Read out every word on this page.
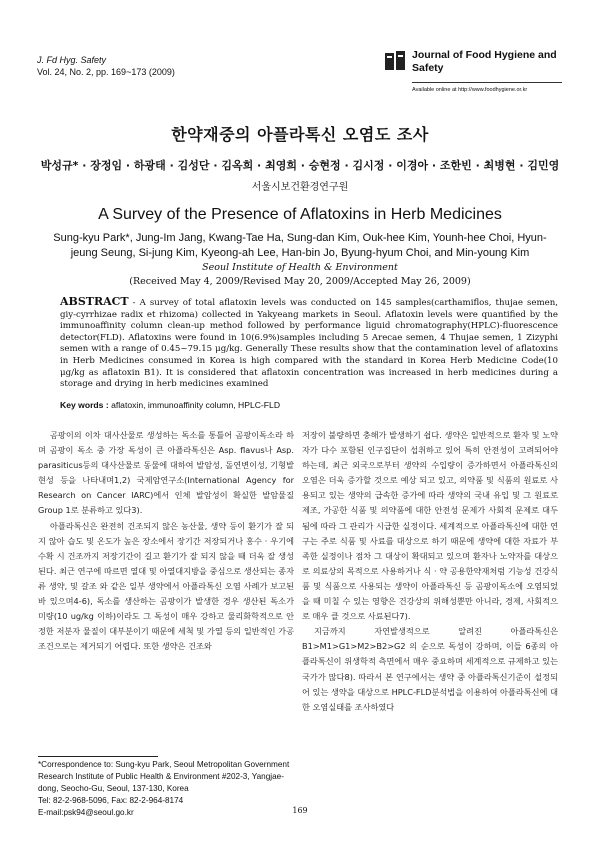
J. Fd Hyg. Safety
Vol. 24, No. 2, pp. 169~173 (2009)
Journal of Food Hygiene and Safety
Available online at http://www.foodhygiene.or.kr
한약재중의 아플라톡신 오염도 조사
박성규* · 장정임 · 하광태 · 김성단 · 김옥희 · 최영희 · 승현정 · 김시정 · 이경아 · 조한빈 · 최병현 · 김민영
서울시보건환경연구원
A Survey of the Presence of Aflatoxins in Herb Medicines
Sung-kyu Park*, Jung-Im Jang, Kwang-Tae Ha, Sung-dan Kim, Ouk-hee Kim, Younh-hee Choi, Hyun-jeung Seung, Si-jung Kim, Kyeong-ah Lee, Han-bin Jo, Byung-hyum Choi, and Min-young Kim
Seoul Institute of Health & Environment
(Received May 4, 2009/Revised May 20, 2009/Accepted May 26, 2009)
ABSTRACT - A survey of total aflatoxin levels was conducted on 145 samples(carthamiflos, thujae semen, giy-cyrrhizae radix et rhizoma) collected in Yakyeang markets in Seoul. Aflatoxin levels were quantified by the immunoaffinity column clean-up method followed by performance liguid chromatography(HPLC)-fluorescence detector(FLD). Aflatoxins were found in 10(6.9%)samples including 5 Arecae semen, 4 Thujae semen, 1 Zizyphi semen with a range of 0.45~79.15 μg/kg. Generally These results show that the contamination level of aflatoxins in Herb Medicines consumed in Korea is high compared with the standard in Korea Herb Medicine Code(10 μg/kg as aflatoxin B1). It is considered that aflatoxin concentration was increased in herb medicines during a storage and drying in herb medicines examined
Key words : aflatoxin, immunoaffinity column, HPLC-FLD

곰팡이의 이차 대사산물로 생성하는 독소를 통틀어 곰팡이독소라 하며 곰팡이 독소 중 가장 독성이 큰 아플라톡신은 Asp. flavus나 Asp. parasiticus등의 대사산물로 동물에 대하여 발암성, 돌연변이성, 기형발현성 등을 나타내며1,2) 국제암연구소(International Agency for Research on Cancer IARC)에서 인체 발암성이 확실한 발암물질 Group 1로 분류하고 있다3).

아플라톡신은 완전히 건조되지 않은 농산물, 생약 등이 환기가 잘 되지 않아 습도 및 온도가 높은 장소에서 장기간 저장되거나 홍수 · 우기에 수확 시 건조까지 저장기간이 길고 환기가 잘 되지 않을 때 더욱 잘 생성 된다. 최근 연구에 따르면 열대 및 아열대지방을 중심으로 생산되는 종자류 생약, 및 갈조 와 같은 일부 생약에서 아플라톡신 오염 사례가 보고된 바 있으며4-6), 독소를 생산하는 곰팡이가 발생한 경우 생산된 독소가 미량(10 ug/kg 이하)이라도 그 독성이 매우 강하고 물리화학적으로 안정한 저분자 물질이 대부분이기 때문에 세척 및 가열 등의 일반적인 가공조건으로는 제거되기 어렵다. 또한 생약은 건조와

저장이 불량하면 충해가 발생하기 쉽다. 생약은 일반적으로 환자 및 노약자가 다수 포함된 인구집단이 섭취하고 있어 특히 안전성이 고려되어야 하는데, 최근 외국으로부터 생약의 수입량이 증가하면서 아플라톡신의 오염은 더욱 증가할 것으로 예상 되고 있고, 의약품 및 식품의 원료로 사용되고 있는 생약의 급속한 증가에 따라 생약의 국내 유입 및 그 원료로 제조, 가공한 식품 및 의약품에 대한 안전성 문제가 사회적 문제로 대두됨에 따라 그 관리가 시급한 실정이다. 세계적으로 아플라톡신에 대한 연구는 주로 식품 및 사료를 대상으로 하기 때문에 생약에 대한 자료가 부족한 실정이나 점차 그 대상이 확대되고 있으며 환자나 노약자를 대상으로 의료상의 목적으로 사용하거나 식 · 약 공용한약재처럼 기능성 건강식품 및 식품으로 사용되는 생약이 아플라톡신 등 곰팡이독소에 오염되었을 때 미칠 수 있는 영향은 건강상의 위해성뿐만 아니라, 경제, 사회적으로 매우 클 것으로 사료된다7).

지금까지 자연발생적으로 알려진 아플라톡신은 B1>M1>G1>M2>B2>G2 의 순으로 독성이 강하며, 이들 6종의 아플라톡신이 위생학적 측면에서 매우 중요하며 세계적으로 규제하고 있는 국가가 많다8). 따라서 본 연구에서는 생약 중 아플라톡신기준이 설정되어 있는 생약을 대상으로 HPLC-FLD분석법을 이용하여 아플라톡신에 대한 오염실태를 조사하였다

*Correspondence to: Sung-kyu Park, Seoul Metropolitan Government Research Institute of Public Health & Environment #202-3, Yangjae-dong, Seocho-Gu, Seoul, 137-130, Korea
Tel: 82-2-968-5096, Fax: 82-2-964-8174
E-mail:psk94@seoul.go.kr	169
